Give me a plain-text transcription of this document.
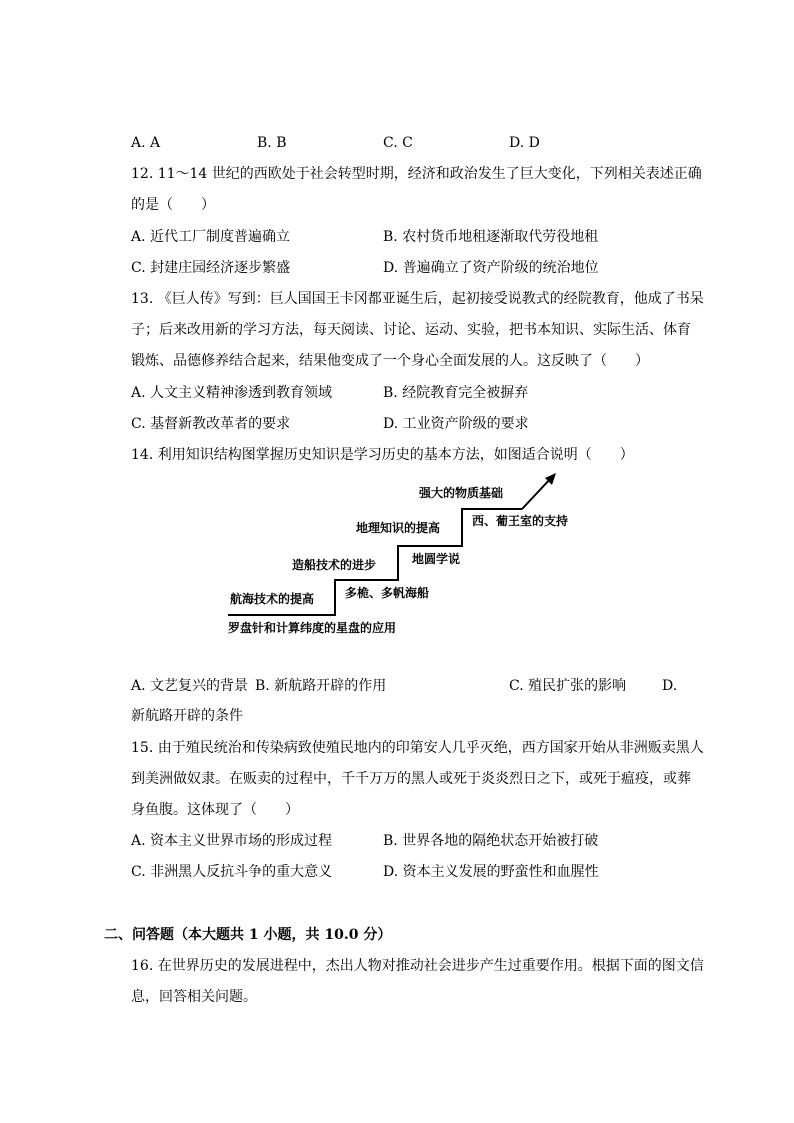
A. A	B. B	C. C	D. D
12. 11～14 世纪的西欧处于社会转型时期，经济和政治发生了巨大变化，下列相关表述正确
的是（　　）
A. 近代工厂制度普遍确立	B. 农村货币地租逐渐取代劳役地租
C. 封建庄园经济逐步繁盛	D. 普遍确立了资产阶级的统治地位
13. 《巨人传》写到：巨人国国王卡冈都亚诞生后，起初接受说教式的经院教育，他成了书呆
子；后来改用新的学习方法，每天阅读、讨论、运动、实验，把书本知识、实际生活、体育
锻炼、品德修养结合起来，结果他变成了一个身心全面发展的人。这反映了（　　）
A. 人文主义精神渗透到教育领域	B. 经院教育完全被摒弃
C. 基督新教改革者的要求	D. 工业资产阶级的要求
14. 利用知识结构图掌握历史知识是学习历史的基本方法，如图适合说明（　　）
航海技术的提高
造船技术的进步
地理知识的提高
强大的物质基础
罗盘针和计算纬度的星盘的应用
多桅、多帆海船
地圆学说
西、葡王室的支持
A. 文艺复兴的背景 B. 新航路开辟的作用	C. 殖民扩张的影响	D.
新航路开辟的条件
15. 由于殖民统治和传染病致使殖民地内的印第安人几乎灭绝，西方国家开始从非洲贩卖黑人
到美洲做奴隶。在贩卖的过程中，千千万万的黑人或死于炎炎烈日之下，或死于瘟疫，或葬
身鱼腹。这体现了（　　）
A. 资本主义世界市场的形成过程	B. 世界各地的隔绝状态开始被打破
C. 非洲黑人反抗斗争的重大意义	D. 资本主义发展的野蛮性和血腥性
二、问答题（本大题共 1 小题，共 10.0 分）
16. 在世界历史的发展进程中，杰出人物对推动社会进步产生过重要作用。根据下面的图文信
息，回答相关问题。
